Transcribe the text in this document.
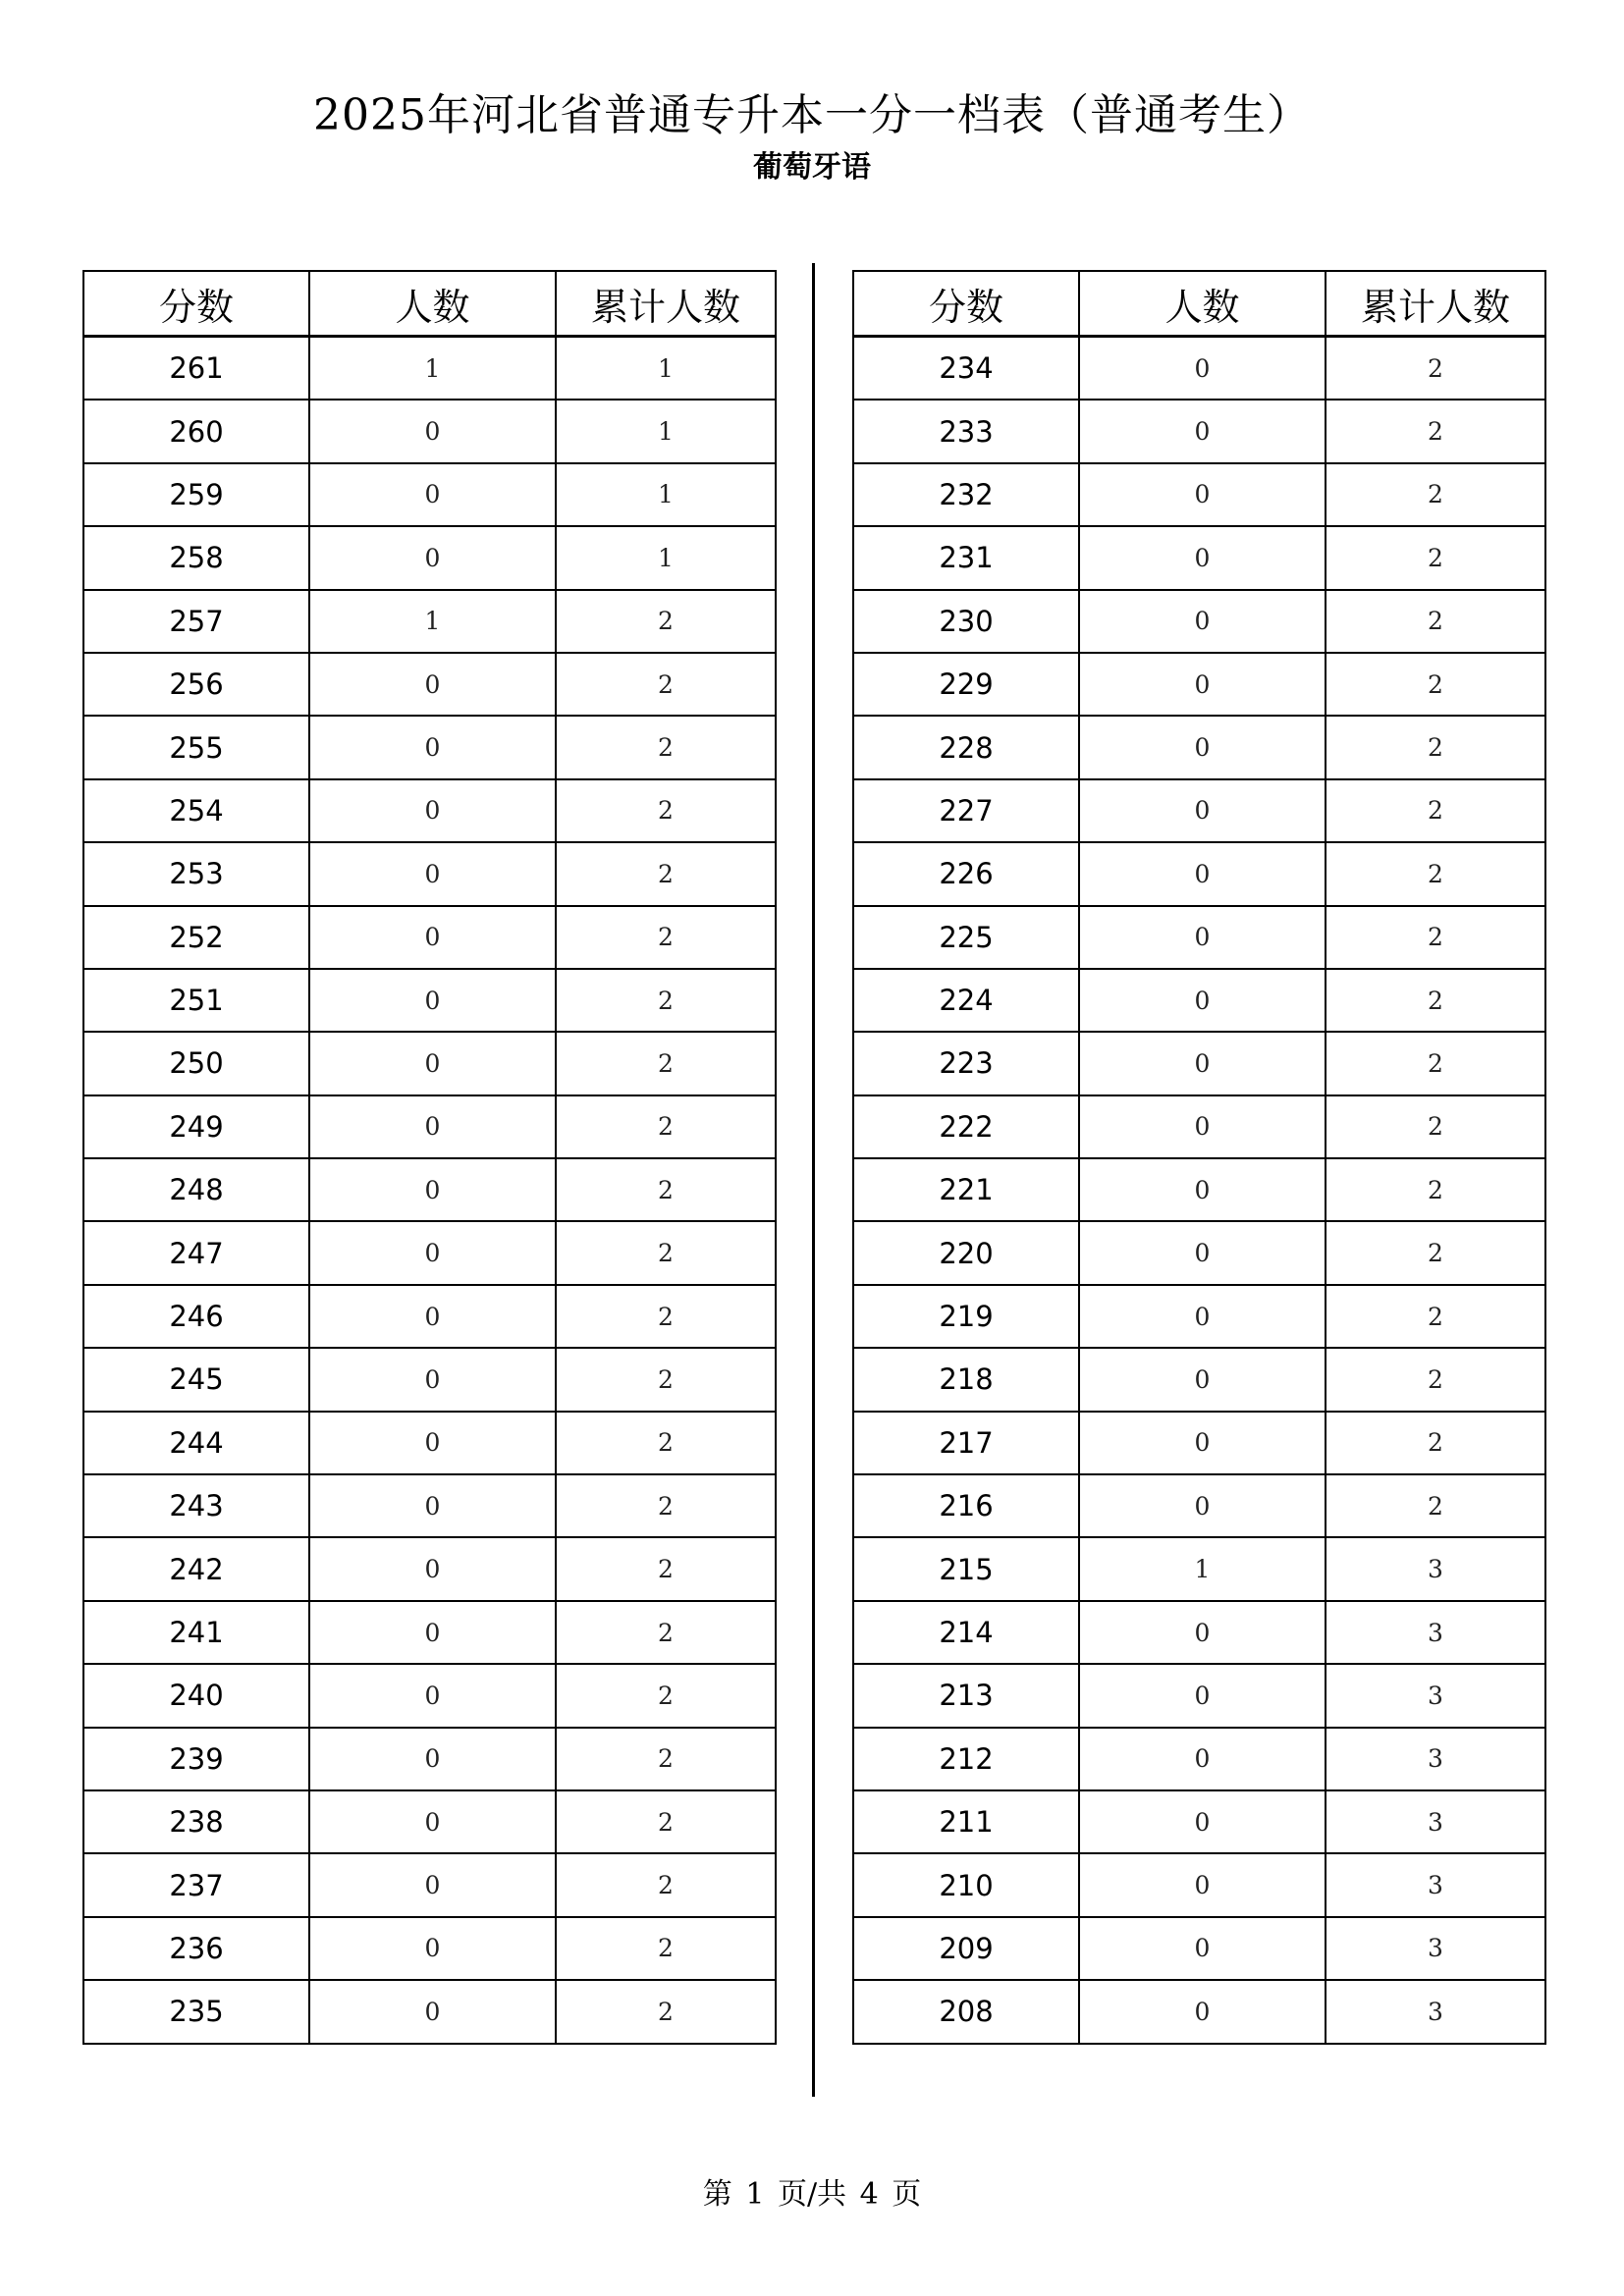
2025年河北省普通专升本一分一档表（普通考生）
葡萄牙语
分数	人数	累计人数
261	1	1
260	0	1
259	0	1
258	0	1
257	1	2
256	0	2
255	0	2
254	0	2
253	0	2
252	0	2
251	0	2
250	0	2
249	0	2
248	0	2
247	0	2
246	0	2
245	0	2
244	0	2
243	0	2
242	0	2
241	0	2
240	0	2
239	0	2
238	0	2
237	0	2
236	0	2
235	0	2
分数	人数	累计人数
234	0	2
233	0	2
232	0	2
231	0	2
230	0	2
229	0	2
228	0	2
227	0	2
226	0	2
225	0	2
224	0	2
223	0	2
222	0	2
221	0	2
220	0	2
219	0	2
218	0	2
217	0	2
216	0	2
215	1	3
214	0	3
213	0	3
212	0	3
211	0	3
210	0	3
209	0	3
208	0	3
第 1 页/共 4 页
